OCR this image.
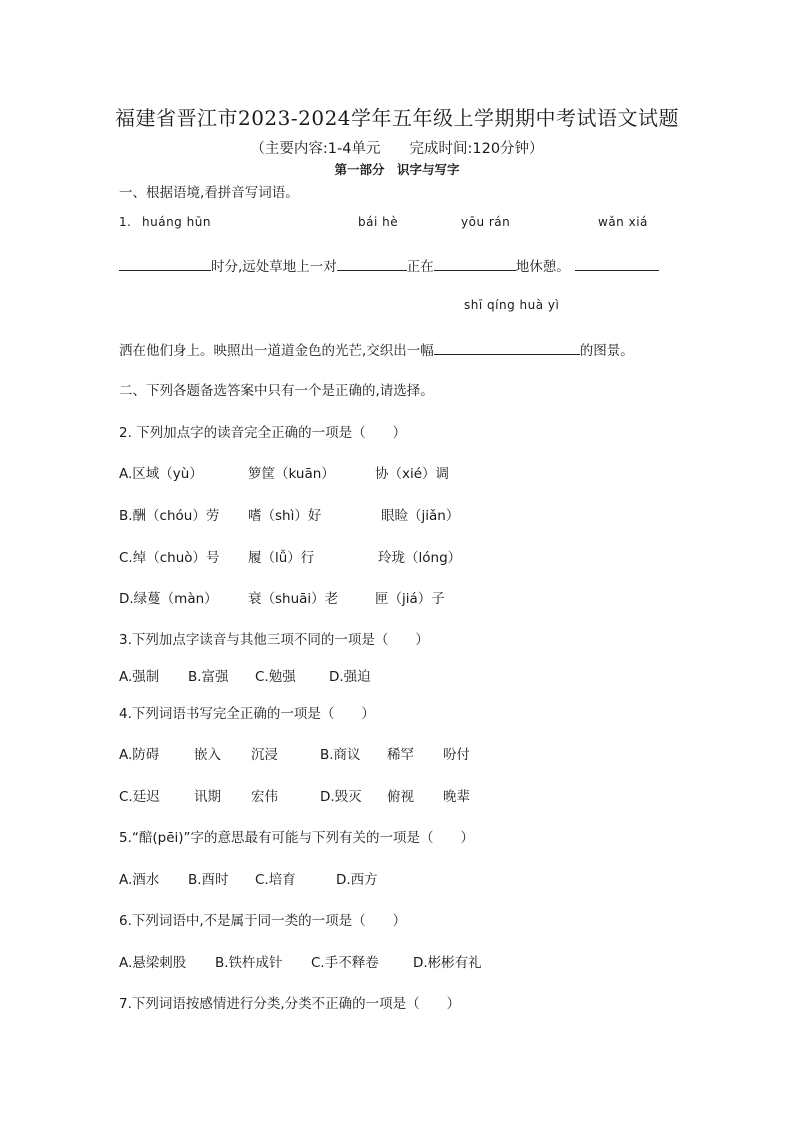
福建省晋江市2023-2024学年五年级上学期期中考试语文试题
（主要内容:1-4单元　　完成时间:120分钟）
第一部分　识字与写字
一、根据语境,看拼音写词语。
1. huáng hūn	bái hè	yōu rán	wǎn xiá
时分,远处草地上一对	正在	地休憩。
shī qíng huà yì
洒在他们身上。映照出一道道金色的光芒,交织出一幅	的图景。
二、下列各题备选答案中只有一个是正确的,请选择。
2. 下列加点字的读音完全正确的一项是（　　）
A.区域（yù）	箩筐（kuān）	协（xié）调
B.酬（chóu）劳 嗜（shì）好	眼睑（jiǎn）
C.绰（chuò）号 履（lǚ）行	玲珑（lóng）
D.绿蔓（màn） 衰（shuāi）老	匣（jiá）子
3.下列加点字读音与其他三项不同的一项是（　　）
A.强制 B.富强 C.勉强 D.强迫
4.下列词语书写完全正确的一项是（　　）
A.防碍	嵌入 沉浸	B.商议 稀罕 吩付
C.廷迟	讯期 宏伟	D.毁灭 俯视 晚辈
5.“醅(pēi)”字的意思最有可能与下列有关的一项是（　　）
A.酒水 B.酉时 C.培育	D.西方
6.下列词语中,不是属于同一类的一项是（　　）
A.悬梁刺股 B.铁杵成针 C.手不释卷	D.彬彬有礼
7.下列词语按感情进行分类,分类不正确的一项是（　　）
